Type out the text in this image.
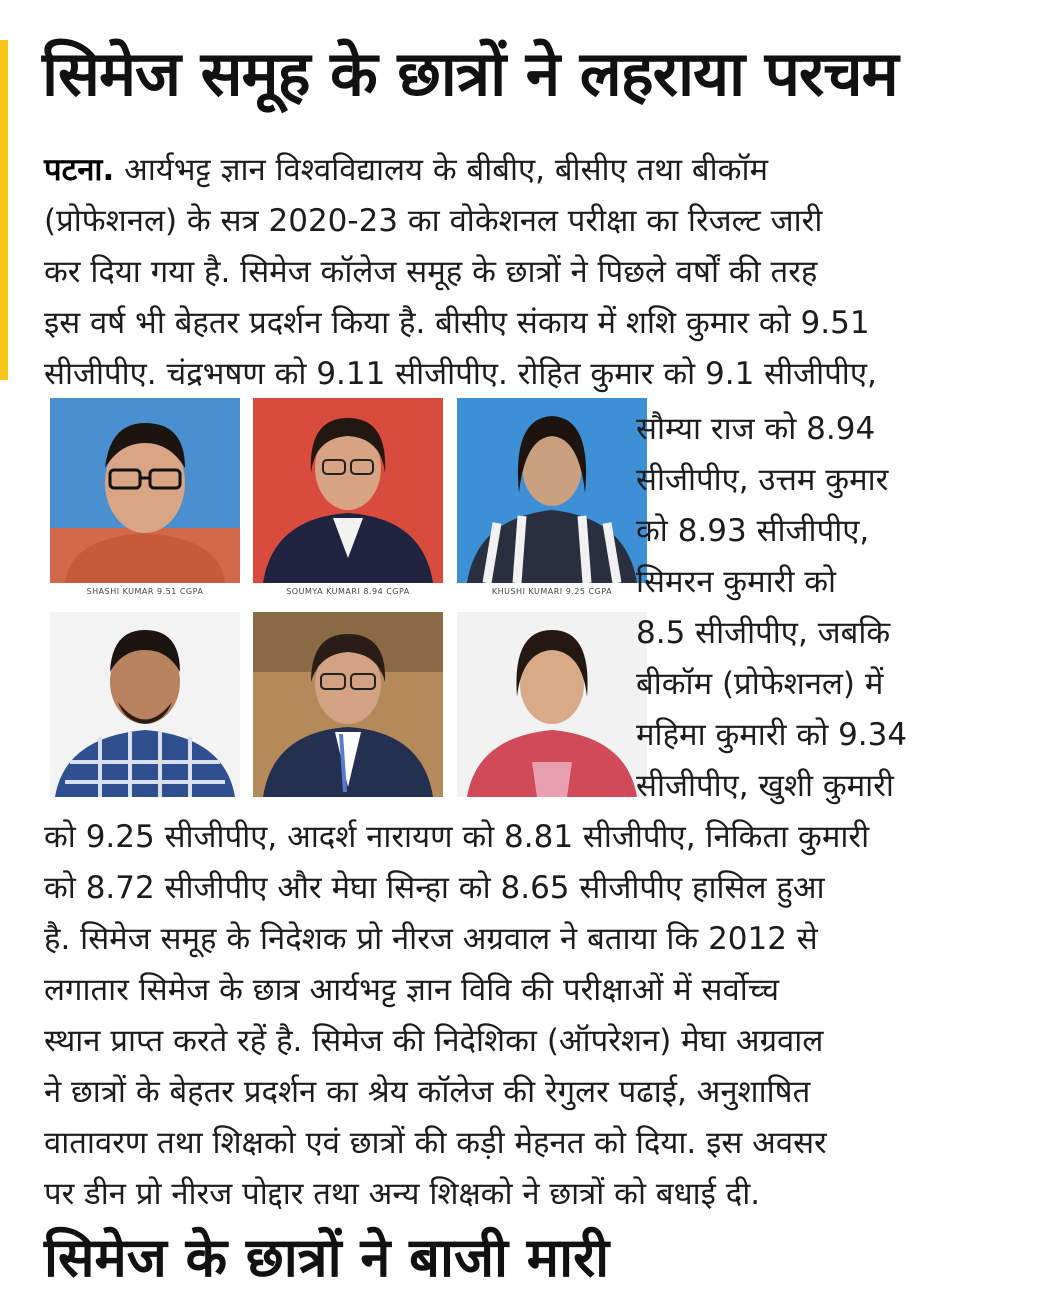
सिमेज समूह के छात्रों ने लहराया परचम
पटना. आर्यभट्ट ज्ञान विश्वविद्यालय के बीबीए, बीसीए तथा बीकॉम
(प्रोफेशनल) के सत्र 2020-23 का वोकेशनल परीक्षा का रिजल्ट जारी
कर दिया गया है. सिमेज कॉलेज समूह के छात्रों ने पिछले वर्षों की तरह
इस वर्ष भी बेहतर प्रदर्शन किया है. बीसीए संकाय में शशि कुमार को 9.51
सीजीपीए. चंद्रभषण को 9.11 सीजीपीए. रोहित कुमार को 9.1 सीजीपीए,
SHASHI KUMAR 9.51 CGPA	SOUMYA KUMARI 8.94 CGPA	KHUSHI KUMARI 9.25 CGPA
सौम्या राज को 8.94
सीजीपीए, उत्तम कुमार
को 8.93 सीजीपीए,
सिमरन कुमारी को
8.5 सीजीपीए, जबकि
बीकॉम (प्रोफेशनल) में
महिमा कुमारी को 9.34
सीजीपीए, खुशी कुमारी
को 9.25 सीजीपीए, आदर्श नारायण को 8.81 सीजीपीए, निकिता कुमारी
को 8.72 सीजीपीए और मेघा सिन्हा को 8.65 सीजीपीए हासिल हुआ
है. सिमेज समूह के निदेशक प्रो नीरज अग्रवाल ने बताया कि 2012 से
लगातार सिमेज के छात्र आर्यभट्ट ज्ञान विवि की परीक्षाओं में सर्वोच्च
स्थान प्राप्त करते रहें है. सिमेज की निदेशिका (ऑपरेशन) मेघा अग्रवाल
ने छात्रों के बेहतर प्रदर्शन का श्रेय कॉलेज की रेगुलर पढाई, अनुशाषित
वातावरण तथा शिक्षको एवं छात्रों की कड़ी मेहनत को दिया. इस अवसर
पर डीन प्रो नीरज पोद्दार तथा अन्य शिक्षको ने छात्रों को बधाई दी.
सिमेज के छात्रों ने बाजी मारी
